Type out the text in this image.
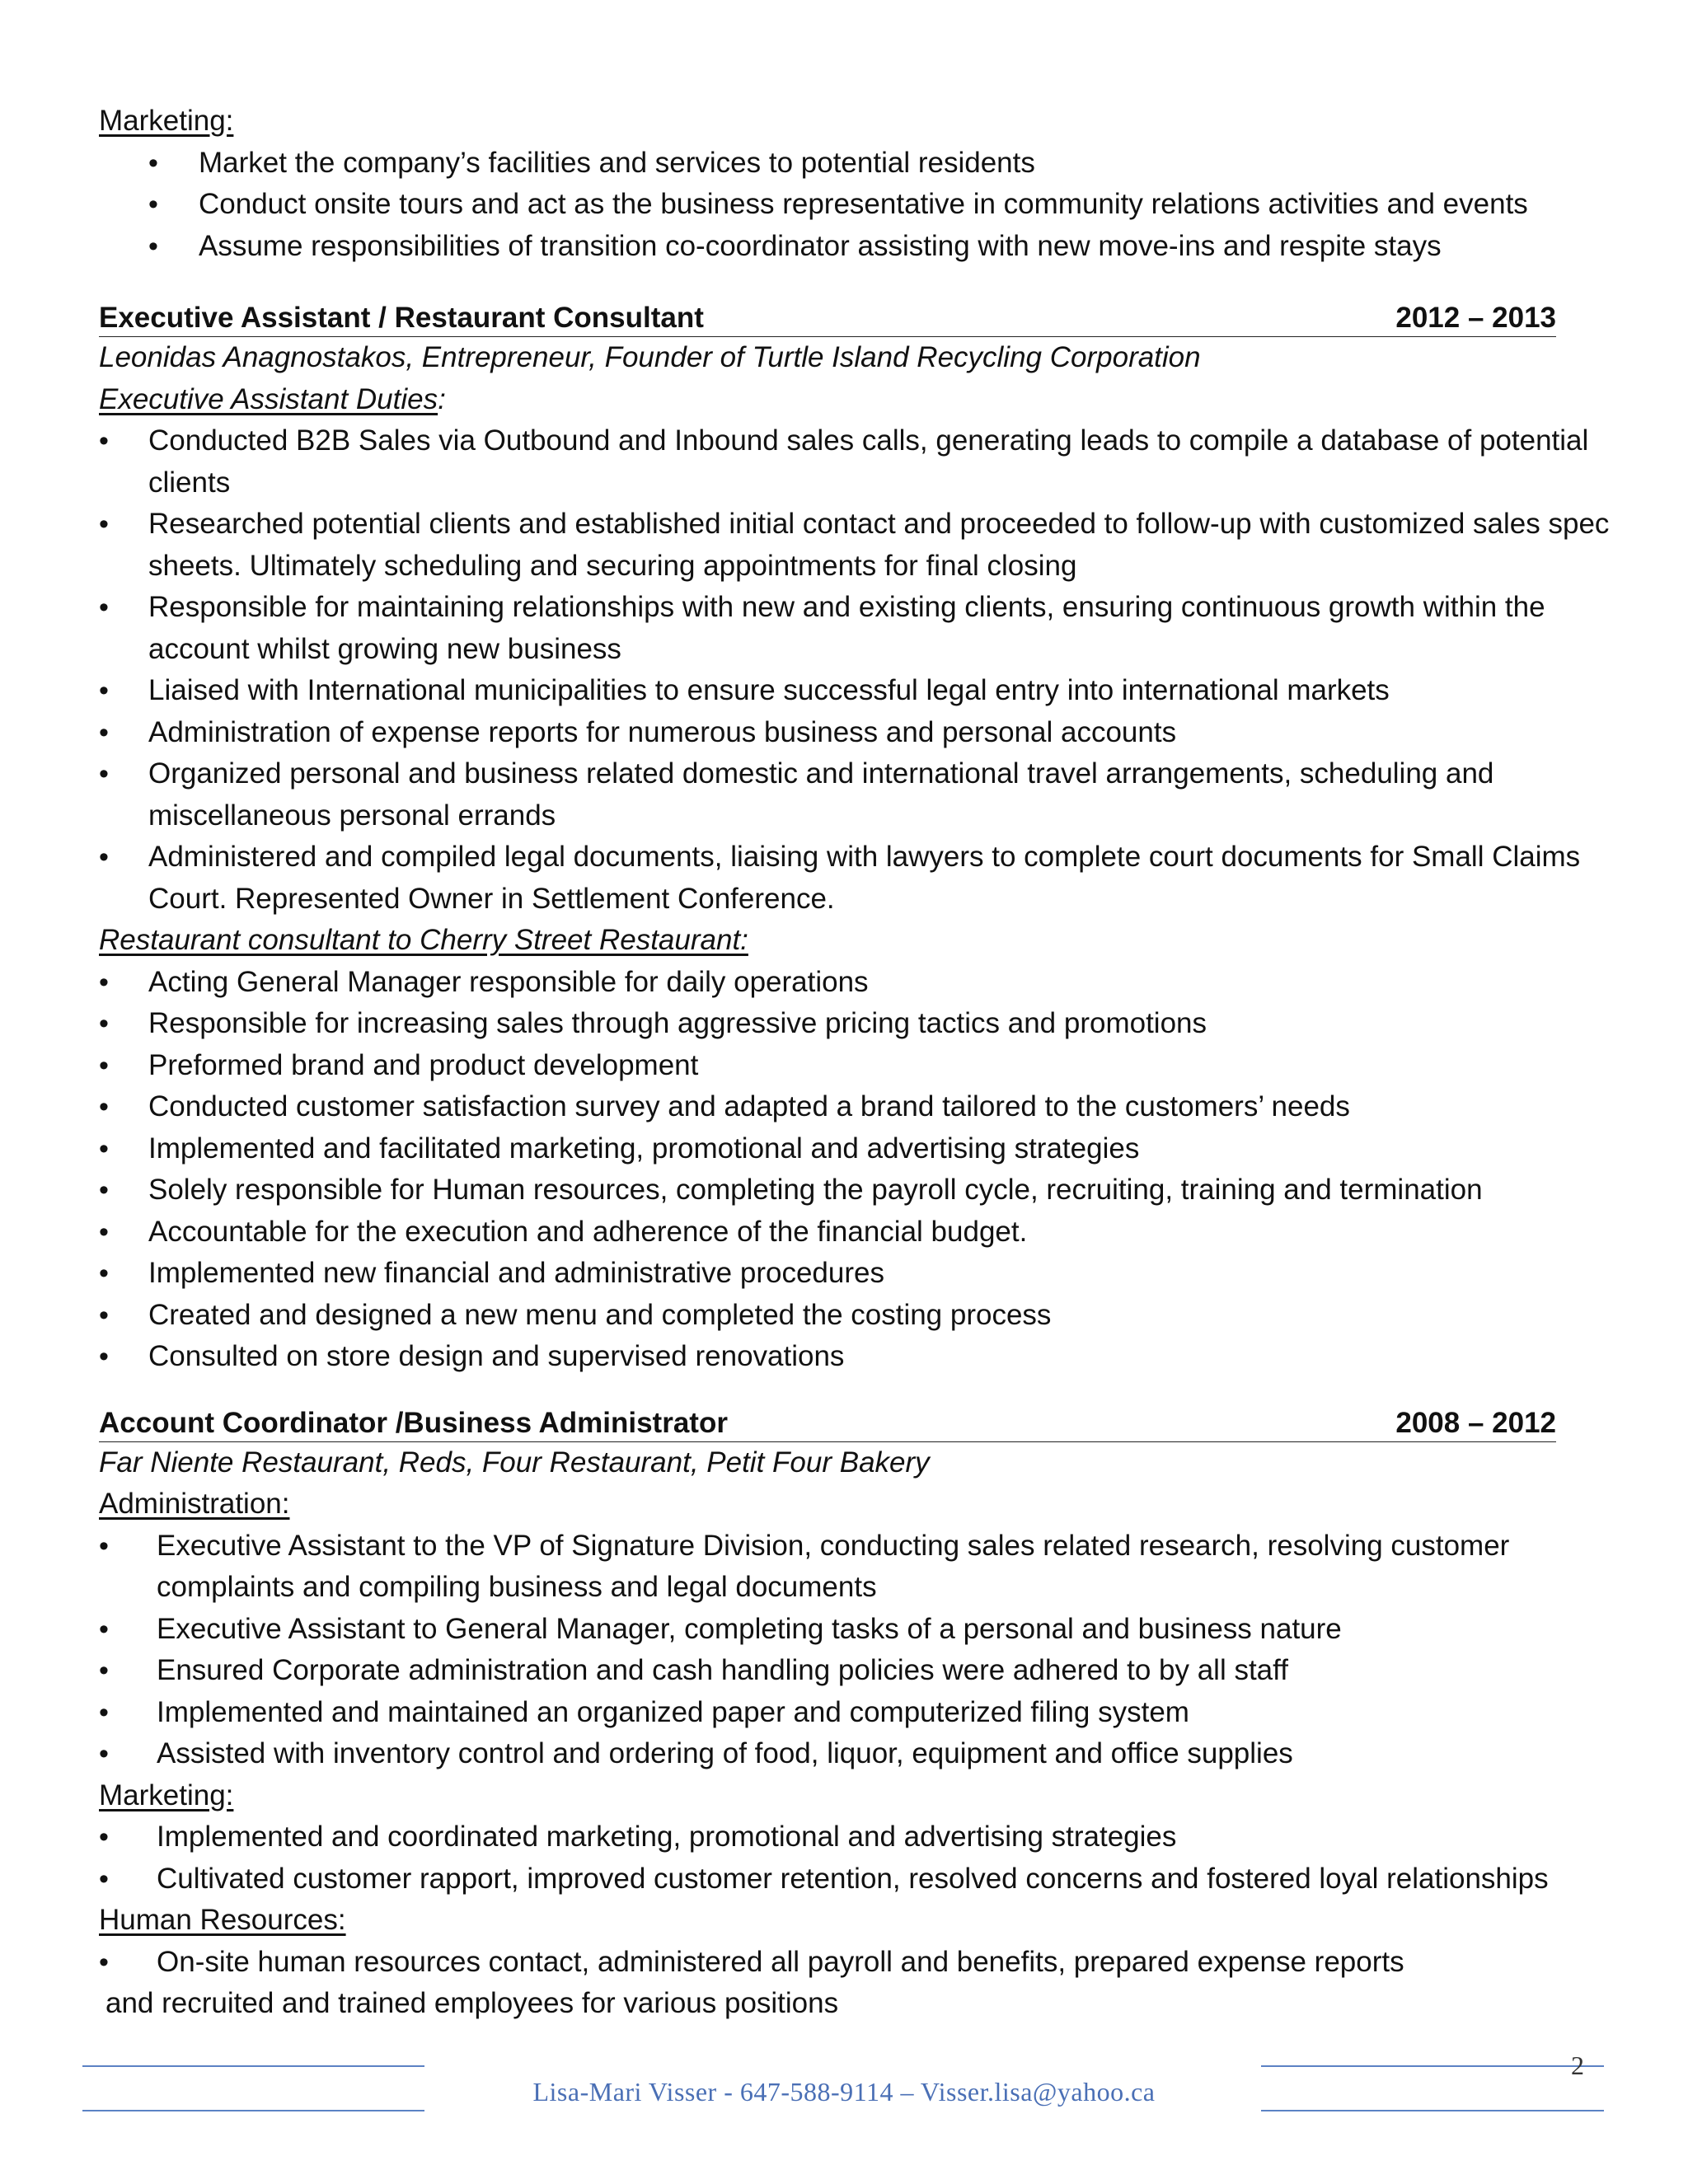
Marketing:
•	Market the company’s facilities and services to potential residents
•	Conduct onsite tours and act as the business representative in community relations activities and events
•	Assume responsibilities of transition co-coordinator assisting with new move-ins and respite stays
Executive Assistant / Restaurant Consultant	2012 – 2013
Leonidas Anagnostakos, Entrepreneur, Founder of Turtle Island Recycling Corporation
Executive Assistant Duties:
•	Conducted B2B Sales via Outbound and Inbound sales calls, generating leads to compile a database of potential clients
•	Researched potential clients and established initial contact and proceeded to follow-up with customized sales spec sheets. Ultimately scheduling and securing appointments for final closing
•	Responsible for maintaining relationships with new and existing clients, ensuring continuous growth within the account whilst growing new business
•	Liaised with International municipalities to ensure successful legal entry into international markets
•	Administration of expense reports for numerous business and personal accounts
•	Organized personal and business related domestic and international travel arrangements, scheduling and miscellaneous personal errands
•	Administered and compiled legal documents, liaising with lawyers to complete court documents for Small Claims Court. Represented Owner in Settlement Conference.
Restaurant consultant to Cherry Street Restaurant:
•	Acting General Manager responsible for daily operations
•	Responsible for increasing sales through aggressive pricing tactics and promotions
•	Preformed brand and product development
•	Conducted customer satisfaction survey and adapted a brand tailored to the customers’ needs
•	Implemented and facilitated marketing, promotional and advertising strategies
•	Solely responsible for Human resources, completing the payroll cycle, recruiting, training and termination
•	Accountable for the execution and adherence of the financial budget.
•	Implemented new financial and administrative procedures
•	Created and designed a new menu and completed the costing process
•	Consulted on store design and supervised renovations
Account Coordinator /Business Administrator	2008 – 2012
Far Niente Restaurant, Reds, Four Restaurant, Petit Four Bakery
Administration:
•	Executive Assistant to the VP of Signature Division, conducting sales related research, resolving customer complaints and compiling business and legal documents
•	Executive Assistant to General Manager, completing tasks of a personal and business nature
•	Ensured Corporate administration and cash handling policies were adhered to by all staff
•	Implemented and maintained an organized paper and computerized filing system
•	Assisted with inventory control and ordering of food, liquor, equipment and office supplies
Marketing:
•	Implemented and coordinated marketing, promotional and advertising strategies
•	Cultivated customer rapport, improved customer retention, resolved concerns and fostered loyal relationships
Human Resources:
•	On-site human resources contact, administered all payroll and benefits, prepared expense reports
and recruited and trained employees for various positions
Lisa-Mari Visser - 647-588-9114 – Visser.lisa@yahoo.ca
2
